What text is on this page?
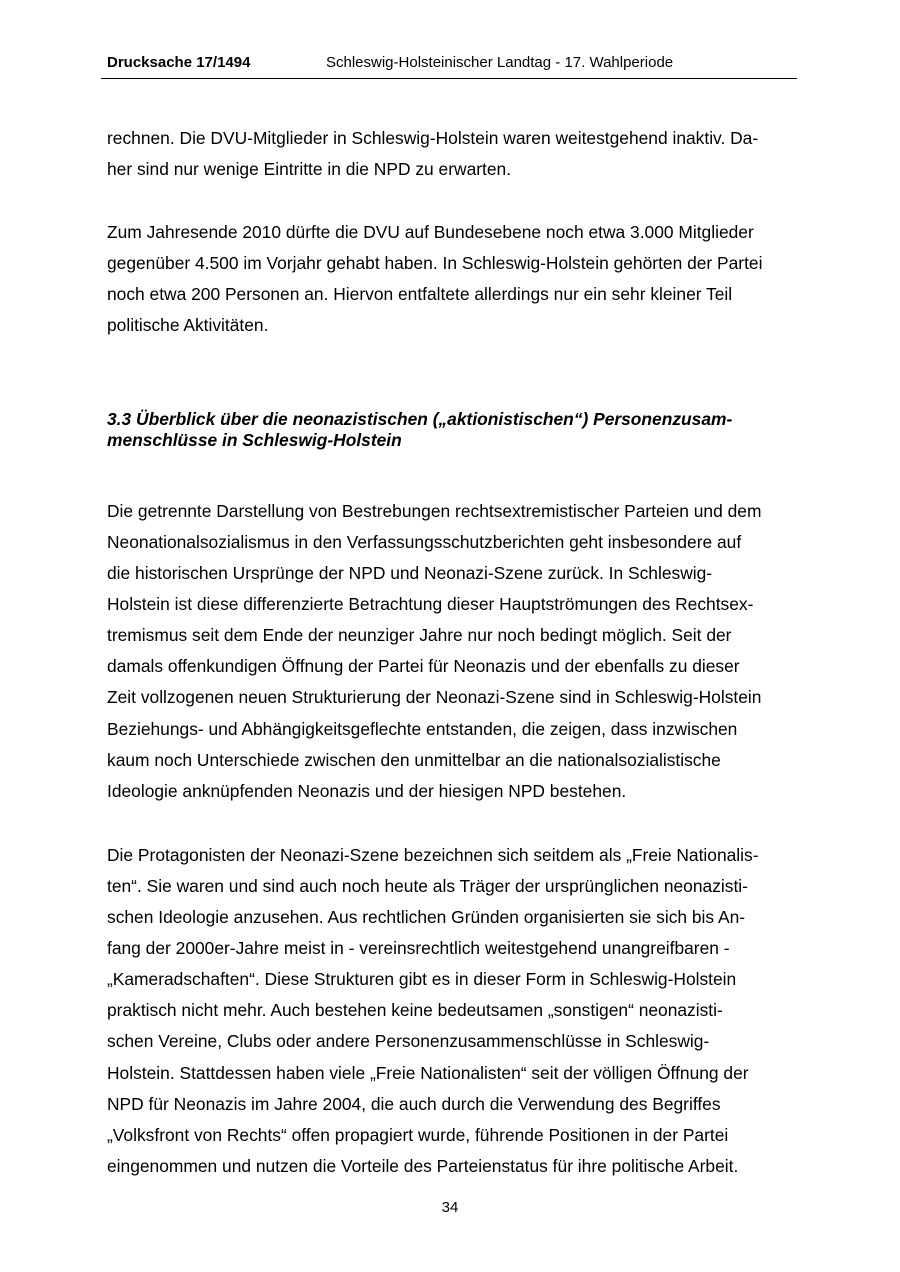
Drucksache 17/1494	Schleswig-Holsteinischer Landtag - 17. Wahlperiode
rechnen. Die DVU-Mitglieder in Schleswig-Holstein waren weitestgehend inaktiv. Da-
her sind nur wenige Eintritte in die NPD zu erwarten.
Zum Jahresende 2010 dürfte die DVU auf Bundesebene noch etwa 3.000 Mitglieder
gegenüber 4.500 im Vorjahr gehabt haben. In Schleswig-Holstein gehörten der Partei
noch etwa 200 Personen an. Hiervon entfaltete allerdings nur ein sehr kleiner Teil
politische Aktivitäten.
3.3 Überblick über die neonazistischen („aktionistischen“) Personenzusam-
menschlüsse in Schleswig-Holstein
Die getrennte Darstellung von Bestrebungen rechtsextremistischer Parteien und dem
Neonationalsozialismus in den Verfassungsschutzberichten geht insbesondere auf
die historischen Ursprünge der NPD und Neonazi-Szene zurück. In Schleswig-
Holstein ist diese differenzierte Betrachtung dieser Hauptströmungen des Rechtsex-
tremismus seit dem Ende der neunziger Jahre nur noch bedingt möglich. Seit der
damals offenkundigen Öffnung der Partei für Neonazis und der ebenfalls zu dieser
Zeit vollzogenen neuen Strukturierung der Neonazi-Szene sind in Schleswig-Holstein
Beziehungs- und Abhängigkeitsgeflechte entstanden, die zeigen, dass inzwischen
kaum noch Unterschiede zwischen den unmittelbar an die nationalsozialistische
Ideologie anknüpfenden Neonazis und der hiesigen NPD bestehen.
Die Protagonisten der Neonazi-Szene bezeichnen sich seitdem als „Freie Nationalis-
ten“. Sie waren und sind auch noch heute als Träger der ursprünglichen neonazisti-
schen Ideologie anzusehen. Aus rechtlichen Gründen organisierten sie sich bis An-
fang der 2000er-Jahre meist in - vereinsrechtlich weitestgehend unangreifbaren -
„Kameradschaften“. Diese Strukturen gibt es in dieser Form in Schleswig-Holstein
praktisch nicht mehr. Auch bestehen keine bedeutsamen „sonstigen“ neonazisti-
schen Vereine, Clubs oder andere Personenzusammenschlüsse in Schleswig-
Holstein. Stattdessen haben viele „Freie Nationalisten“ seit der völligen Öffnung der
NPD für Neonazis im Jahre 2004, die auch durch die Verwendung des Begriffes
„Volksfront von Rechts“ offen propagiert wurde, führende Positionen in der Partei
eingenommen und nutzen die Vorteile des Parteienstatus für ihre politische Arbeit.
34
